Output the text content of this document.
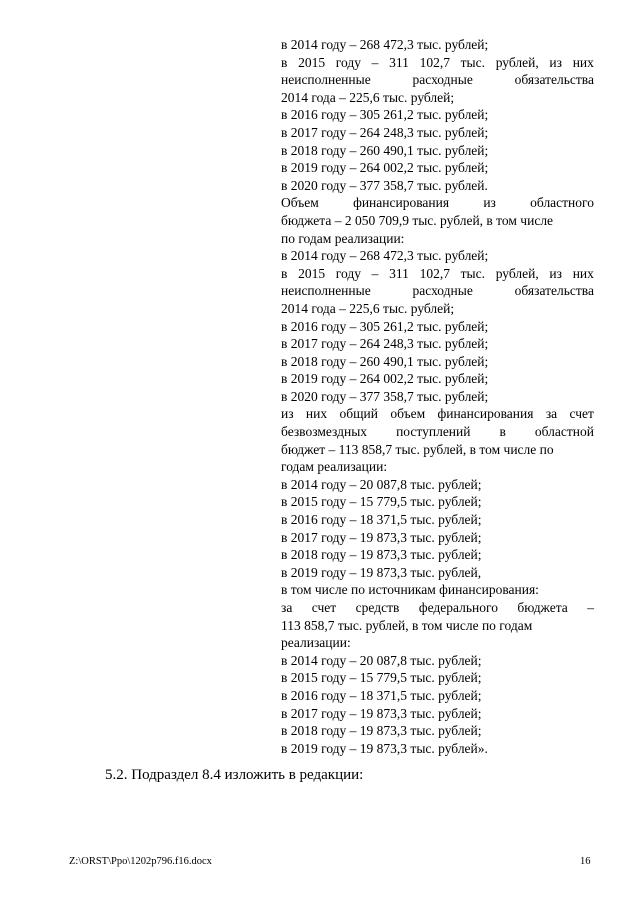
в 2014 году – 268 472,3 тыс. рублей;
в 2015 году – 311 102,7 тыс. рублей, из них
неисполненные	расходные	обязательства
2014 года – 225,6 тыс. рублей;
в 2016 году – 305 261,2 тыс. рублей;
в 2017 году – 264 248,3 тыс. рублей;
в 2018 году – 260 490,1 тыс. рублей;
в 2019 году – 264 002,2 тыс. рублей;
в 2020 году – 377 358,7 тыс. рублей.
Объем	финансирования	из	областного
бюджета – 2 050 709,9 тыс. рублей, в том числе
по годам реализации:
в 2014 году – 268 472,3 тыс. рублей;
в 2015 году – 311 102,7 тыс. рублей, из них
неисполненные	расходные	обязательства
2014 года – 225,6 тыс. рублей;
в 2016 году – 305 261,2 тыс. рублей;
в 2017 году – 264 248,3 тыс. рублей;
в 2018 году – 260 490,1 тыс. рублей;
в 2019 году – 264 002,2 тыс. рублей;
в 2020 году – 377 358,7 тыс. рублей;
из них общий объем финансирования за счет
безвозмездных поступлений в областной
бюджет – 113 858,7 тыс. рублей, в том числе по
годам реализации:
в 2014 году – 20 087,8 тыс. рублей;
в 2015 году – 15 779,5 тыс. рублей;
в 2016 году – 18 371,5 тыс. рублей;
в 2017 году – 19 873,3 тыс. рублей;
в 2018 году – 19 873,3 тыс. рублей;
в 2019 году – 19 873,3 тыс. рублей,
в том числе по источникам финансирования:
за счет средств федерального бюджета –
113 858,7 тыс. рублей, в том числе по годам
реализации:
в 2014 году – 20 087,8 тыс. рублей;
в 2015 году – 15 779,5 тыс. рублей;
в 2016 году – 18 371,5 тыс. рублей;
в 2017 году – 19 873,3 тыс. рублей;
в 2018 году – 19 873,3 тыс. рублей;
в 2019 году – 19 873,3 тыс. рублей».
5.2. Подраздел 8.4 изложить в редакции:
Z:\ORST\Ppo\1202p796.f16.docx	16
